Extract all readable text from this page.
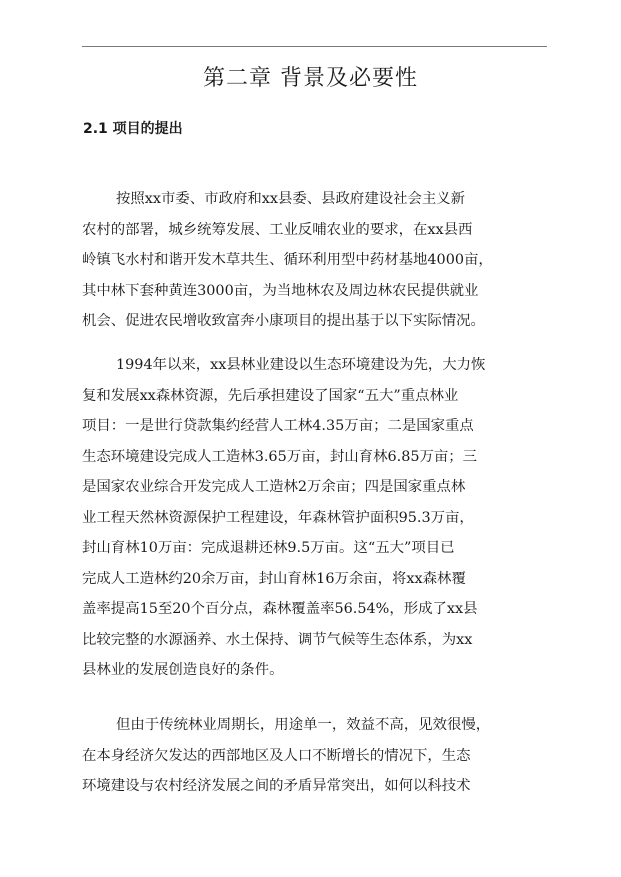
第二章 背景及必要性
2.1 项目的提出
按照xx市委、市政府和xx县委、县政府建设社会主义新
农村的部署，城乡统筹发展、工业反哺农业的要求，在xx县西
岭镇飞水村和谐开发木草共生、循环利用型中药材基地4000亩，
其中林下套种黄连3000亩，为当地林农及周边林农民提供就业
机会、促进农民增收致富奔小康项目的提出基于以下实际情况。
1994年以来，xx县林业建设以生态环境建设为先，大力恢
复和发展xx森林资源，先后承担建设了国家“五大”重点林业
项目：一是世行贷款集约经营人工林4.35万亩；二是国家重点
生态环境建设完成人工造林3.65万亩，封山育林6.85万亩；三
是国家农业综合开发完成人工造林2万余亩；四是国家重点林
业工程天然林资源保护工程建设，年森林管护面积95.3万亩，
封山育林10万亩：完成退耕还林9.5万亩。这“五大”项目已
完成人工造林约20余万亩，封山育林16万余亩，将xx森林覆
盖率提高15至20个百分点，森林覆盖率56.54%，形成了xx县
比较完整的水源涵养、水土保持、调节气候等生态体系，为xx
县林业的发展创造良好的条件。
但由于传统林业周期长，用途单一，效益不高，见效很慢，
在本身经济欠发达的西部地区及人口不断增长的情况下，生态
环境建设与农村经济发展之间的矛盾异常突出，如何以科技术
